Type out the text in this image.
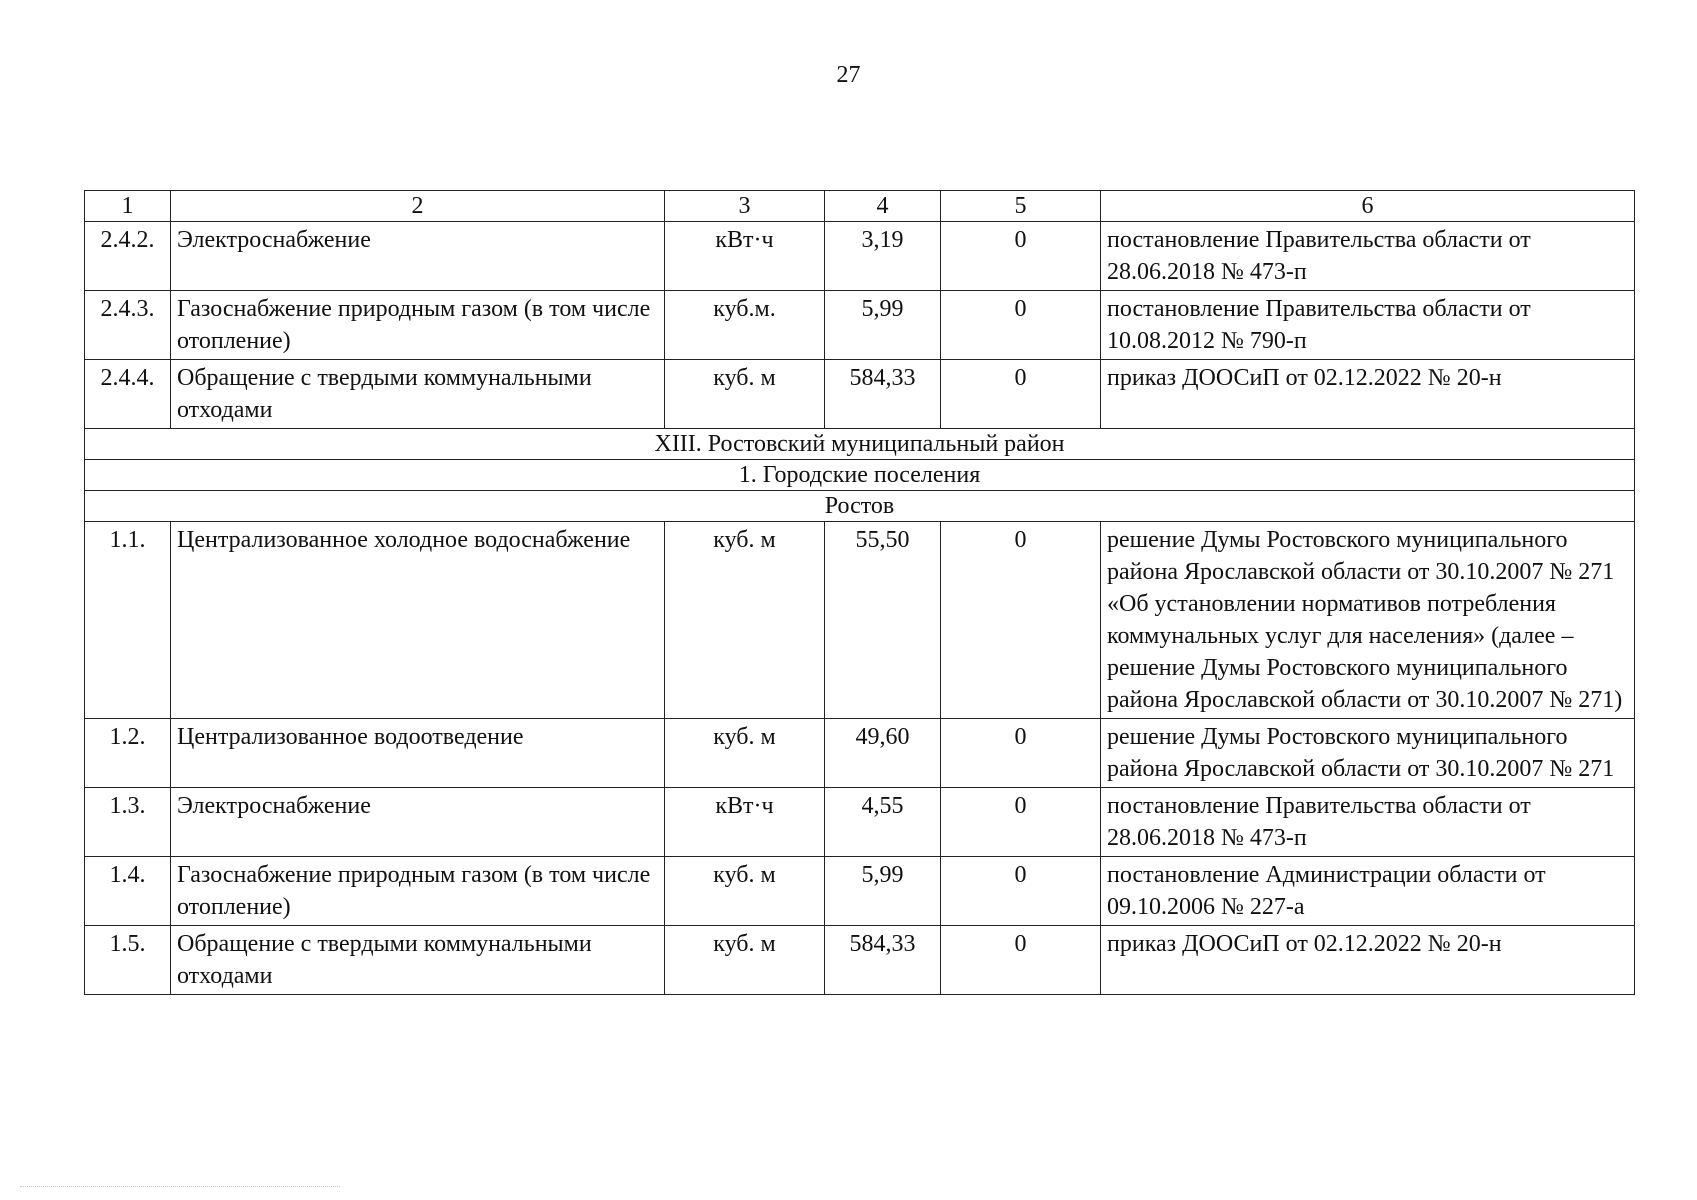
27
1	2	3	4	5	6
2.4.2.	Электроснабжение	кВт·ч	3,19	0	постановление Правительства области от 28.06.2018 № 473-п
2.4.3.	Газоснабжение природным газом (в том числе отопление)	куб.м.	5,99	0	постановление Правительства области от 10.08.2012 № 790-п
2.4.4.	Обращение с твердыми коммунальными отходами	куб. м	584,33	0	приказ ДООСиП от 02.12.2022 № 20-н
XIII. Ростовский муниципальный район					
1. Городские поселения					
Ростов					
1.1.	Централизованное холодное водоснабжение	куб. м	55,50	0	решение Думы Ростовского муниципального района Ярославской области от 30.10.2007 № 271 «Об установлении нормативов потребления коммунальных услуг для населения» (далее – решение Думы Ростовского муниципального района Ярославской области от 30.10.2007 № 271)
1.2.	Централизованное водоотведение	куб. м	49,60	0	решение Думы Ростовского муниципального района Ярославской области от 30.10.2007 № 271
1.3.	Электроснабжение	кВт·ч	4,55	0	постановление Правительства области от 28.06.2018 № 473-п
1.4.	Газоснабжение природным газом (в том числе отопление)	куб. м	5,99	0	постановление Администрации области от 09.10.2006 № 227-а
1.5.	Обращение с твердыми коммунальными отходами	куб. м	584,33	0	приказ ДООСиП от 02.12.2022 № 20-н
